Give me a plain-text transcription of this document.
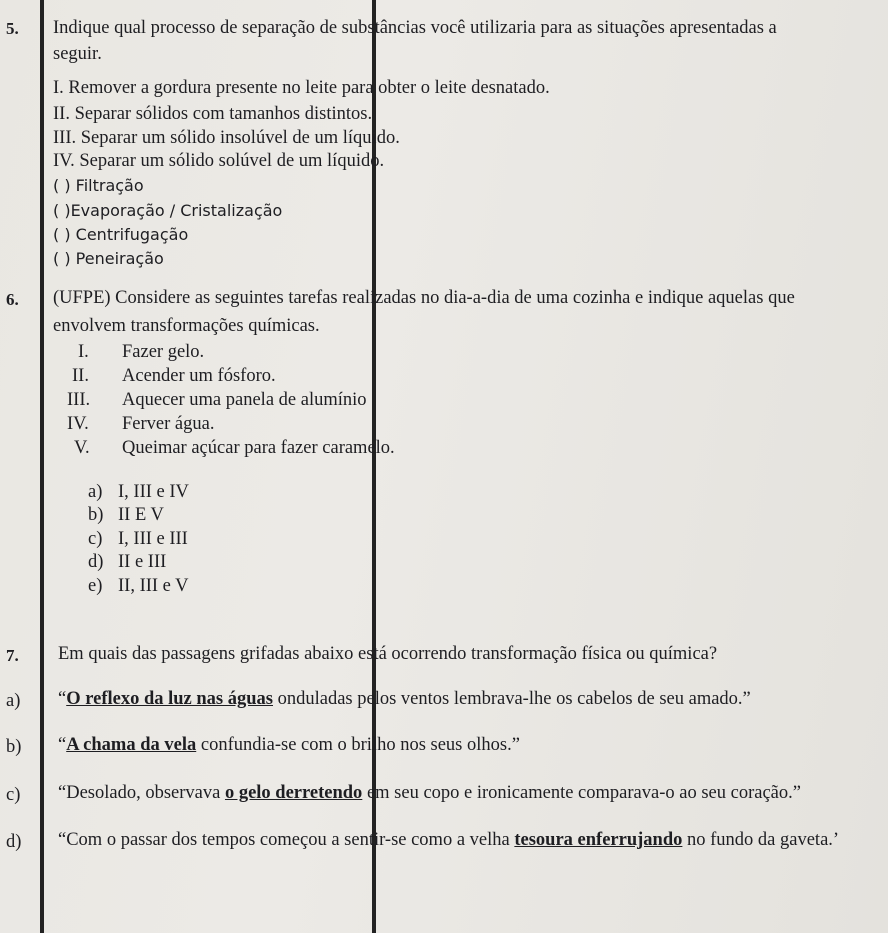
5. Indique qual processo de separação de substâncias você utilizaria para as situações apresentadas a
seguir.
I. Remover a gordura presente no leite para obter o leite desnatado.
II. Separar sólidos com tamanhos distintos.
III. Separar um sólido insolúvel de um líquido.
IV. Separar um sólido solúvel de um líquido.
( ) Filtração
( )Evaporação / Cristalização
( ) Centrifugação
( ) Peneiração
6. (UFPE) Considere as seguintes tarefas realizadas no dia-a-dia de uma cozinha e indique aquelas que
envolvem transformações químicas.
I. Fazer gelo.
II. Acender um fósforo.
III. Aquecer uma panela de alumínio
IV. Ferver água.
V. Queimar açúcar para fazer caramelo.
a) I, III e IV
b) II E V
c) I, III e III
d) II e III
e) II, III e V
7. Em quais das passagens grifadas abaixo está ocorrendo transformação física ou química?
a) “O reflexo da luz nas águas onduladas pelos ventos lembrava-lhe os cabelos de seu amado.”
b) “A chama da vela confundia-se com o brilho nos seus olhos.”
c) “Desolado, observava o gelo derretendo em seu copo e ironicamente comparava-o ao seu coração.”
d) “Com o passar dos tempos começou a sentir-se como a velha tesoura enferrujando no fundo da gaveta.’
